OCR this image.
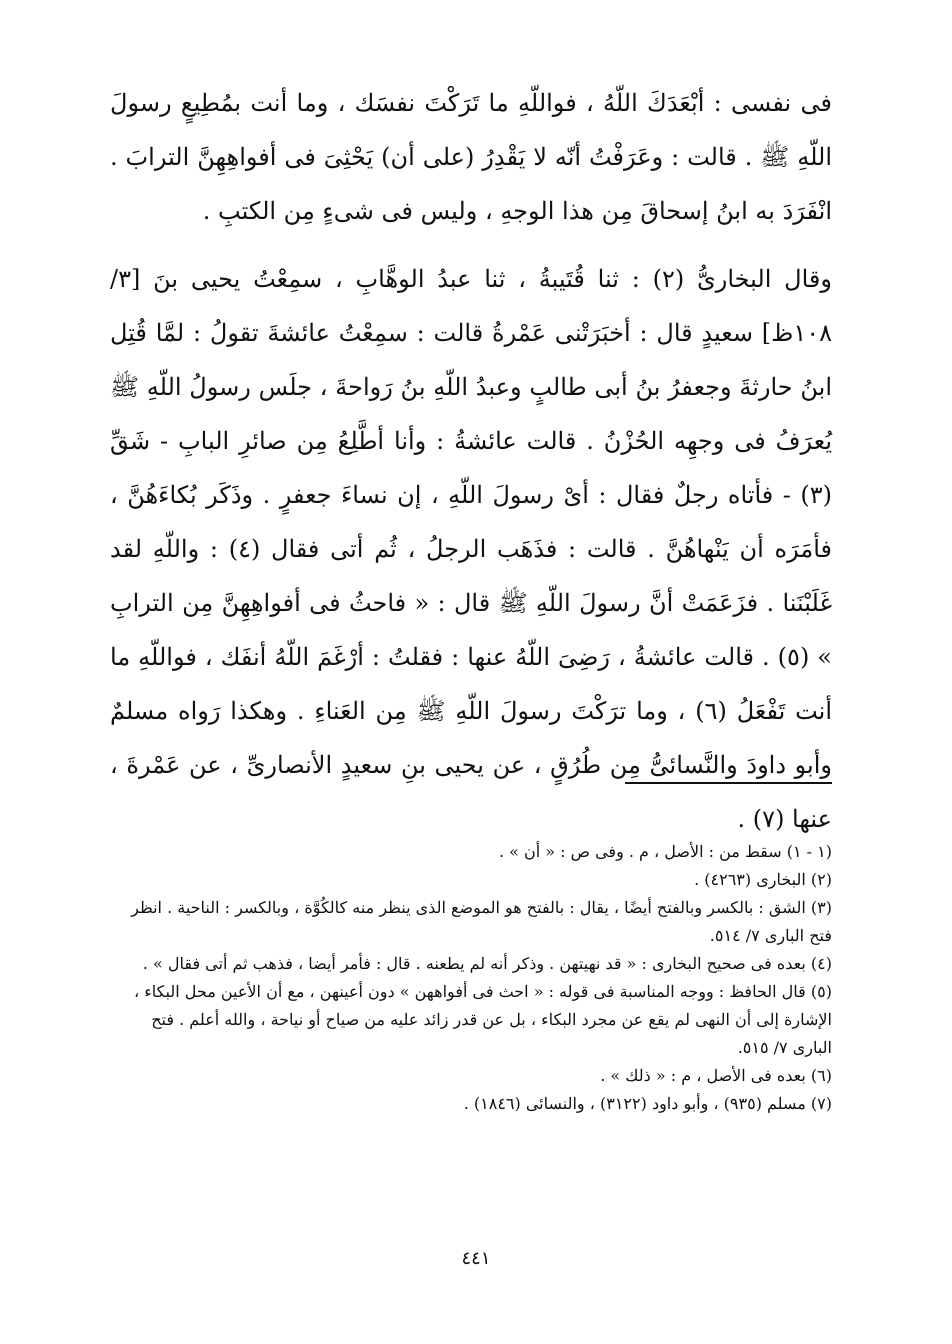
فى نفسى : أبْعَدَكَ اللّهُ ، فواللّهِ ما تَرَكْتَ نفسَك ، وما أنت بمُطِيعٍ رسولَ اللّهِ ﷺ . قالت : وعَرَفْتُ أنّه لا يَقْدِرُ (على أن) يَحْثِىَ فى أفواهِهِنَّ الترابَ . انْفَرَدَ به ابنُ إسحاقَ مِن هذا الوجهِ ، وليس فى شىءٍ مِن الكتبِ .

وقال البخارىُّ (٢) : ثنا قُتَيبةُ ، ثنا عبدُ الوهَّابِ ، سمِعْتُ يحيى بنَ [٣/ ١٠٨ظ] سعيدٍ قال : أخبَرَتْنى عَمْرةُ قالت : سمِعْتُ عائشةَ تقولُ : لمَّا قُتِل ابنُ حارثةَ وجعفرُ بنُ أبى طالبٍ وعبدُ اللّهِ بنُ رَواحةَ ، جلَس رسولُ اللّهِ ﷺ يُعرَفُ فى وجهِه الحُزْنُ . قالت عائشةُ : وأنا أطَّلِعُ مِن صائرِ البابِ - شَقِّ (٣) - فأتاه رجلٌ فقال : أىْ رسولَ اللّهِ ، إن نساءَ جعفرٍ . وذَكَر بُكاءَهُنَّ ، فأمَرَه أن يَنْهاهُنَّ . قالت : فذَهَب الرجلُ ، ثُم أتى فقال (٤) : واللّهِ لقد غَلَبْنَنا . فزَعَمَتْ أنَّ رسولَ اللّهِ ﷺ قال : « فاحثُ فى أفواهِهِنَّ مِن الترابِ » (٥) . قالت عائشةُ ، رَضِىَ اللّهُ عنها : فقلتُ : أرْغَمَ اللّهُ أنفَك ، فواللّهِ ما أنت تَفْعَلُ (٦) ، وما ترَكْتَ رسولَ اللّهِ ﷺ مِن العَناءِ . وهكذا رَواه مسلمٌ وأبو داودَ والنَّسائىُّ مِن طُرُقٍ ، عن يحيى بنِ سعيدٍ الأنصارىِّ ، عن عَمْرةَ ، عنها (٧) .

(١ - ١) سقط من : الأصل ، م . وفى ص : « أن » .

(٢) البخارى (٤٢٦٣) .

(٣) الشق : بالكسر وبالفتح أيضًا ، يقال : بالفتح هو الموضع الذى ينظر منه كالكُوَّة ، وبالكسر : الناحية . انظر فتح البارى ٧/ ٥١٤.

(٤) بعده فى صحيح البخارى : « قد نهيتهن . وذكر أنه لم يطعنه . قال : فأمر أيضا ، فذهب ثم أتى فقال » .

(٥) قال الحافظ : ووجه المناسبة فى قوله : « احث فى أفواههن » دون أعينهن ، مع أن الأعين محل البكاء ، الإشارة إلى أن النهى لم يقع عن مجرد البكاء ، بل عن قدر زائد عليه من صياح أو نياحة ، والله أعلم . فتح البارى ٧/ ٥١٥.

(٦) بعده فى الأصل ، م : « ذلك » .

(٧) مسلم (٩٣٥) ، وأبو داود (٣١٢٢) ، والنسائى (١٨٤٦) .

٤٤١
